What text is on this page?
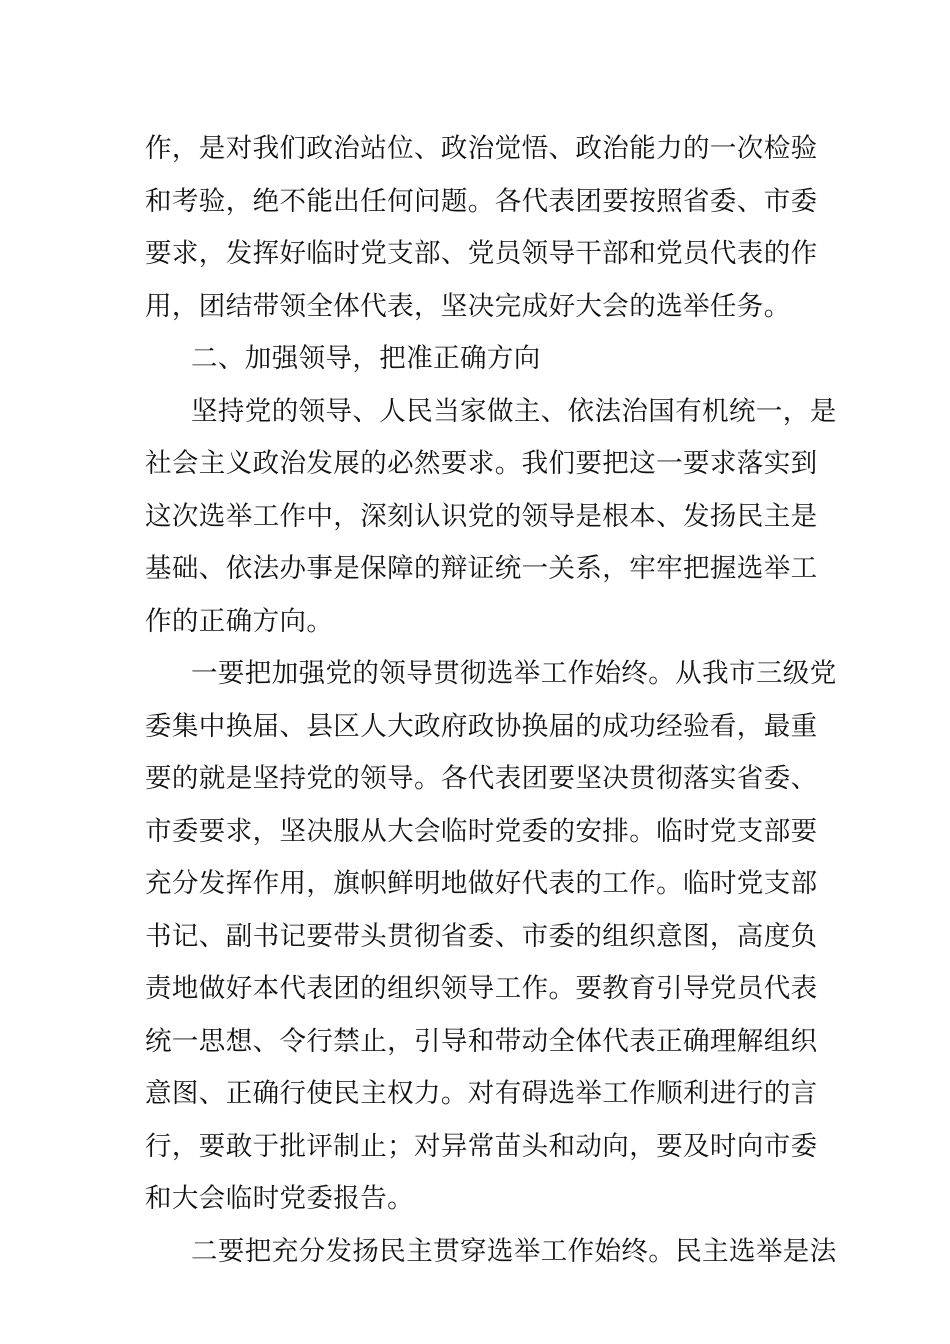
作，是对我们政治站位、政治觉悟、政治能力的一次检验
和考验，绝不能出任何问题。各代表团要按照省委、市委
要求，发挥好临时党支部、党员领导干部和党员代表的作
用，团结带领全体代表，坚决完成好大会的选举任务。
二、加强领导，把准正确方向
坚持党的领导、人民当家做主、依法治国有机统一，是
社会主义政治发展的必然要求。我们要把这一要求落实到
这次选举工作中，深刻认识党的领导是根本、发扬民主是
基础、依法办事是保障的辩证统一关系，牢牢把握选举工
作的正确方向。
一要把加强党的领导贯彻选举工作始终。从我市三级党
委集中换届、县区人大政府政协换届的成功经验看，最重
要的就是坚持党的领导。各代表团要坚决贯彻落实省委、
市委要求，坚决服从大会临时党委的安排。临时党支部要
充分发挥作用，旗帜鲜明地做好代表的工作。临时党支部
书记、副书记要带头贯彻省委、市委的组织意图，高度负
责地做好本代表团的组织领导工作。要教育引导党员代表
统一思想、令行禁止，引导和带动全体代表正确理解组织
意图、正确行使民主权力。对有碍选举工作顺利进行的言
行，要敢于批评制止；对异常苗头和动向，要及时向市委
和大会临时党委报告。
二要把充分发扬民主贯穿选举工作始终。民主选举是法
